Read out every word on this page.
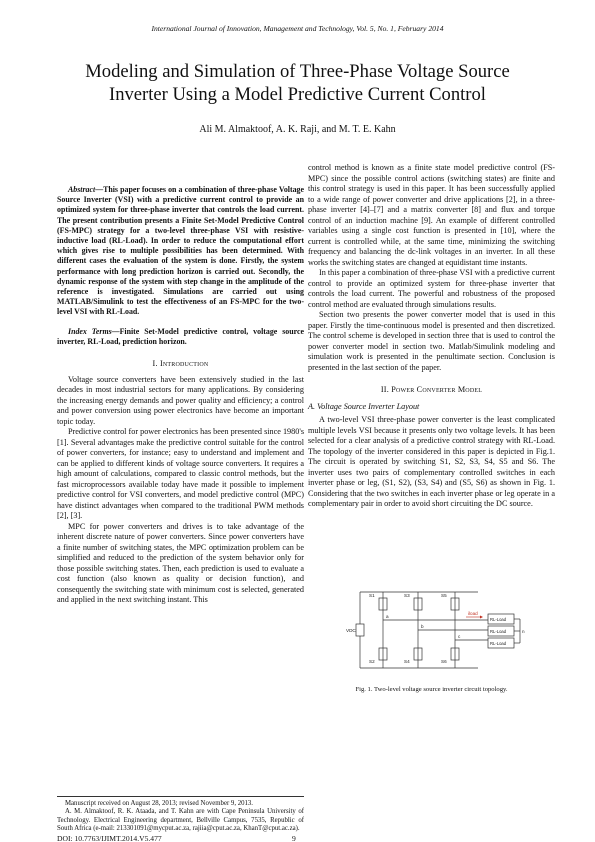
International Journal of Innovation, Management and Technology, Vol. 5, No. 1, February 2014
Modeling and Simulation of Three-Phase Voltage Source
Inverter Using a Model Predictive Current Control
Ali M. Almaktoof, A. K. Raji, and M. T. E. Kahn

Abstract—This paper focuses on a combination of three-phase Voltage Source Inverter (VSI) with a predictive current control to provide an optimized system for three-phase inverter that controls the load current. The present contribution presents a Finite Set-Model Predictive Control (FS-MPC) strategy for a two-level three-phase VSI with resistive- inductive load (RL-Load). In order to reduce the computational effort which gives rise to multiple possibilities has been determined. With different cases the evaluation of the system is done. Firstly, the system performance with long prediction horizon is carried out. Secondly, the dynamic response of the system with step change in the amplitude of the reference is investigated. Simulations are carried out using MATLAB/Simulink to test the effectiveness of an FS-MPC for the two-level VSI with RL-Load.

Index Terms—Finite Set-Model predictive control, voltage source inverter, RL-Load, prediction horizon.

I. Introduction

Voltage source converters have been extensively studied in the last decades in most industrial sectors for many applications. By considering the increasing energy demands and power quality and efficiency; a control and power conversion using power electronics have become an important topic today.

Predictive control for power electronics has been presented since 1980's [1]. Several advantages make the predictive control suitable for the control of power converters, for instance; easy to understand and implement and can be applied to different kinds of voltage source converters. It requires a high amount of calculations, compared to classic control methods, but the fast microprocessors available today have made it possible to implement predictive control for VSI converters, and model predictive control (MPC) have distinct advantages when compared to the traditional PWM methods [2], [3].

MPC for power converters and drives is to take advantage of the inherent discrete nature of power converters. Since power converters have a finite number of switching states, the MPC optimization problem can be simplified and reduced to the prediction of the system behavior only for those possible switching states. Then, each prediction is used to evaluate a cost function (also known as quality or decision function), and consequently the switching state with minimum cost is selected, generated and applied in the next switching instant. This

control method is known as a finite state model predictive control (FS-MPC) since the possible control actions (switching states) are finite and this control strategy is used in this paper. It has been successfully applied to a wide range of power converter and drive applications [2], in a three-phase inverter [4]–[7] and a matrix converter [8] and flux and torque control of an induction machine [9]. An example of different controlled variables using a single cost function is presented in [10], where the current is controlled while, at the same time, minimizing the switching frequency and balancing the dc-link voltages in an inverter. In all these works the switching states are changed at equidistant time instants.

In this paper a combination of three-phase VSI with a predictive current control to provide an optimized system for three-phase inverter that controls the load current. The powerful and robustness of the proposed control method are evaluated through simulations results.

Section two presents the power converter model that is used in this paper. Firstly the time-continuous model is presented and then discretized. The control scheme is developed in section three that is used to control the power converter model in section two. Matlab/Simulink modeling and simulation work is presented in the penultimate section. Conclusion is presented in the last section of the paper.

II. Power Converter Model
A. Voltage Source Inverter Layout

A two-level VSI three-phase power converter is the least complicated multiple levels VSI because it presents only two voltage levels. It has been selected for a clear analysis of a predictive control strategy with RL-Load. The topology of the inverter considered in this paper is depicted in Fig.1. The circuit is operated by switching S1, S2, S3, S4, S5 and S6. The inverter uses two pairs of complementary controlled switches in each inverter phase or leg, (S1, S2), (S3, S4) and (S5, S6) as shown in Fig. 1. Considering that the two switches in each inverter phase or leg operate in a complementary pair in order to avoid short circuiting the DC source.

VDC
S1	S3	S5
S2	S4	S6
a
b
c
n
iload
RL-Load
RL-Load
RL-Load
Fig. 1. Two-level voltage source inverter circuit topology.

Manuscript received on August 28, 2013; revised November 9, 2013.

A. M. Almaktoof, R. K. Ataada, and T. Kahn are with Cape Peninsula University of Technology. Electrical Engineering department, Bellville Campus, 7535, Republic of South Africa (e-mail: 213301091@mycput.ac.za, rajiia@cput.ac.za, KhanT@cput.ac.za).

DOI: 10.7763/IJIMT.2014.V5.477	9
